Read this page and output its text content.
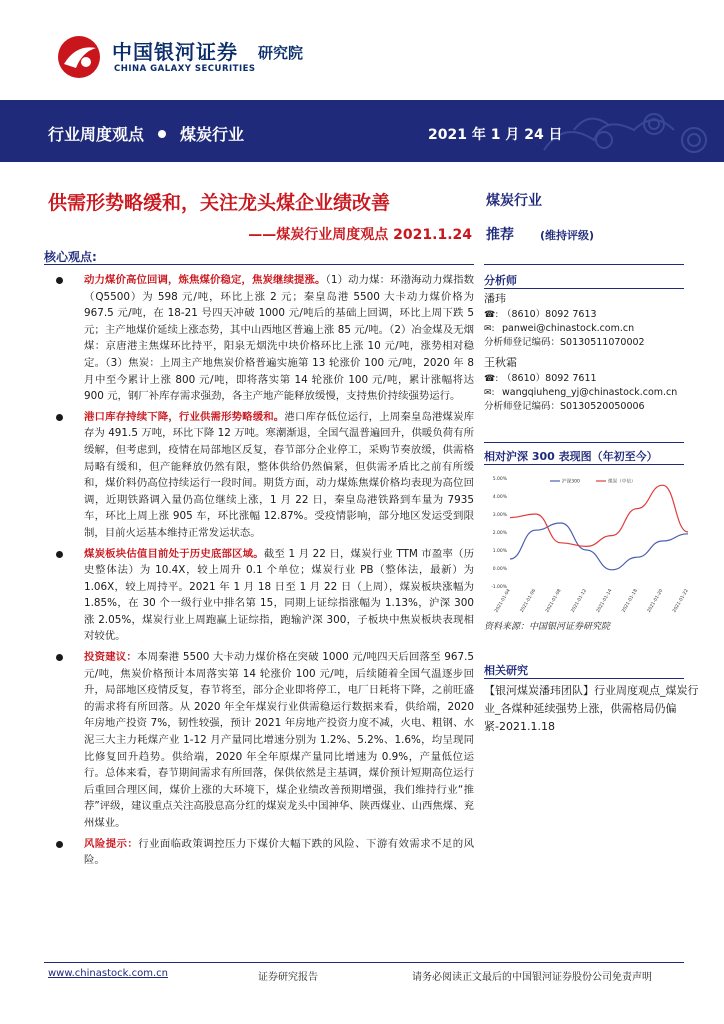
中国银河证券 研究院
CHINA GALAXY SECURITIES
行业周度观点 煤炭行业	2021 年 1 月 24 日
供需形势略缓和，关注龙头煤企业绩改善
——煤炭行业周度观点 2021.1.24
核心观点:
动力煤价高位回调，炼焦煤价稳定，焦炭继续提涨。（1）动力煤：环渤海动力煤指数（Q5500）为 598 元/吨，环比上涨 2 元；秦皇岛港 5500 大卡动力煤价格为 967.5 元/吨，在 18-21 号四天冲破 1000 元/吨后的基础上回调，环比上周下跌 5 元；主产地煤价延续上涨态势，其中山西地区普遍上涨 85 元/吨。（2）冶金煤及无烟煤：京唐港主焦煤环比持平，阳泉无烟洗中块价格环比上涨 10 元/吨，涨势相对稳定。（3）焦炭：上周主产地焦炭价格普遍实施第 13 轮涨价 100 元/吨，2020 年 8 月中至今累计上涨 800 元/吨，即将落实第 14 轮涨价 100 元/吨，累计涨幅将达 900 元，钢厂补库存需求强劲，各主产地产能释放缓慢，支持焦价持续强势运行。
港口库存持续下降，行业供需形势略缓和。港口库存低位运行，上周秦皇岛港煤炭库存为 491.5 万吨，环比下降 12 万吨。寒潮渐退，全国气温普遍回升，供暖负荷有所缓解，但考虑到，疫情在局部地区反复，春节部分企业停工，采购节奏放缓，供需格局略有缓和，但产能释放仍然有限，整体供给仍然偏紧，但供需矛盾比之前有所缓和，煤价料仍高位持续运行一段时间。期货方面，动力煤炼焦煤价格均表现为高位回调，近期铁路调入量仍高位继续上涨，1 月 22 日，秦皇岛港铁路到车量为 7935 车，环比上周上涨 905 车，环比涨幅 12.87%。受疫情影响，部分地区发运受到限制，目前火运基本维持正常发运状态。
煤炭板块估值目前处于历史底部区域。截至 1 月 22 日，煤炭行业 TTM 市盈率（历史整体法）为 10.4X，较上周升 0.1 个单位；煤炭行业 PB（整体法，最新）为 1.06X，较上周持平。2021 年 1 月 18 日至 1 月 22 日（上周），煤炭板块涨幅为 1.85%，在 30 个一级行业中排名第 15，同期上证综指涨幅为 1.13%，沪深 300 涨 2.05%，煤炭行业上周跑赢上证综指，跑输沪深 300，子板块中焦炭板块表现相对较优。
投资建议：本周秦港 5500 大卡动力煤价格在突破 1000 元/吨四天后回落至 967.5 元/吨，焦炭价格预计本周落实第 14 轮涨价 100 元/吨，后续随着全国气温逐步回升，局部地区疫情反复，春节将至，部分企业即将停工，电厂日耗将下降，之前旺盛的需求将有所回落。从 2020 年全年煤炭行业供需稳运行数据来看，供给端，2020 年房地产投资 7%，韧性较强，预计 2021 年房地产投资力度不减，火电、粗钢、水泥三大主力耗煤产业 1-12 月产量同比增速分别为 1.2%、5.2%、1.6%，均呈现同比修复回升趋势。供给端，2020 年全年原煤产量同比增速为 0.9%，产量低位运行。总体来看，春节期间需求有所回落，保供依然是主基调，煤价预计短期高位运行后重回合理区间，煤价上涨的大环境下，煤企业绩改善预期增强，我们维持行业“推荐”评级，建议重点关注高股息高分红的煤炭龙头中国神华、陕西煤业、山西焦煤、兖州煤业。
风险提示：行业面临政策调控压力下煤价大幅下跌的风险、下游有效需求不足的风险。
煤炭行业
推荐 (维持评级)
分析师
潘玮
☎: （8610）8092 7613
✉: panwei@chinastock.com.cn
分析师登记编码：S0130511070002
王秋霜
☎: （8610）8092 7611
✉: wangqiuheng_yj@chinastock.com.cn
分析师登记编码：S0130520050006
相对沪深 300 表现图（年初至今）
-1.00%
0.00%
1.00%
2.00%
3.00%
4.00%
5.00%
2021-01-04 2021-01-06 2021-01-08 2021-01-12 2021-01-14 2021-01-18 2021-01-20 2021-01-22
沪深300	煤炭（中信）
资料来源：中国银河证券研究院
相关研究
【银河煤炭潘玮团队】行业周度观点_煤炭行业_各煤种延续强势上涨，供需格局仍偏紧-2021.1.18
www.chinastock.com.cn	证券研究报告	请务必阅读正文最后的中国银河证券股份公司免责声明
